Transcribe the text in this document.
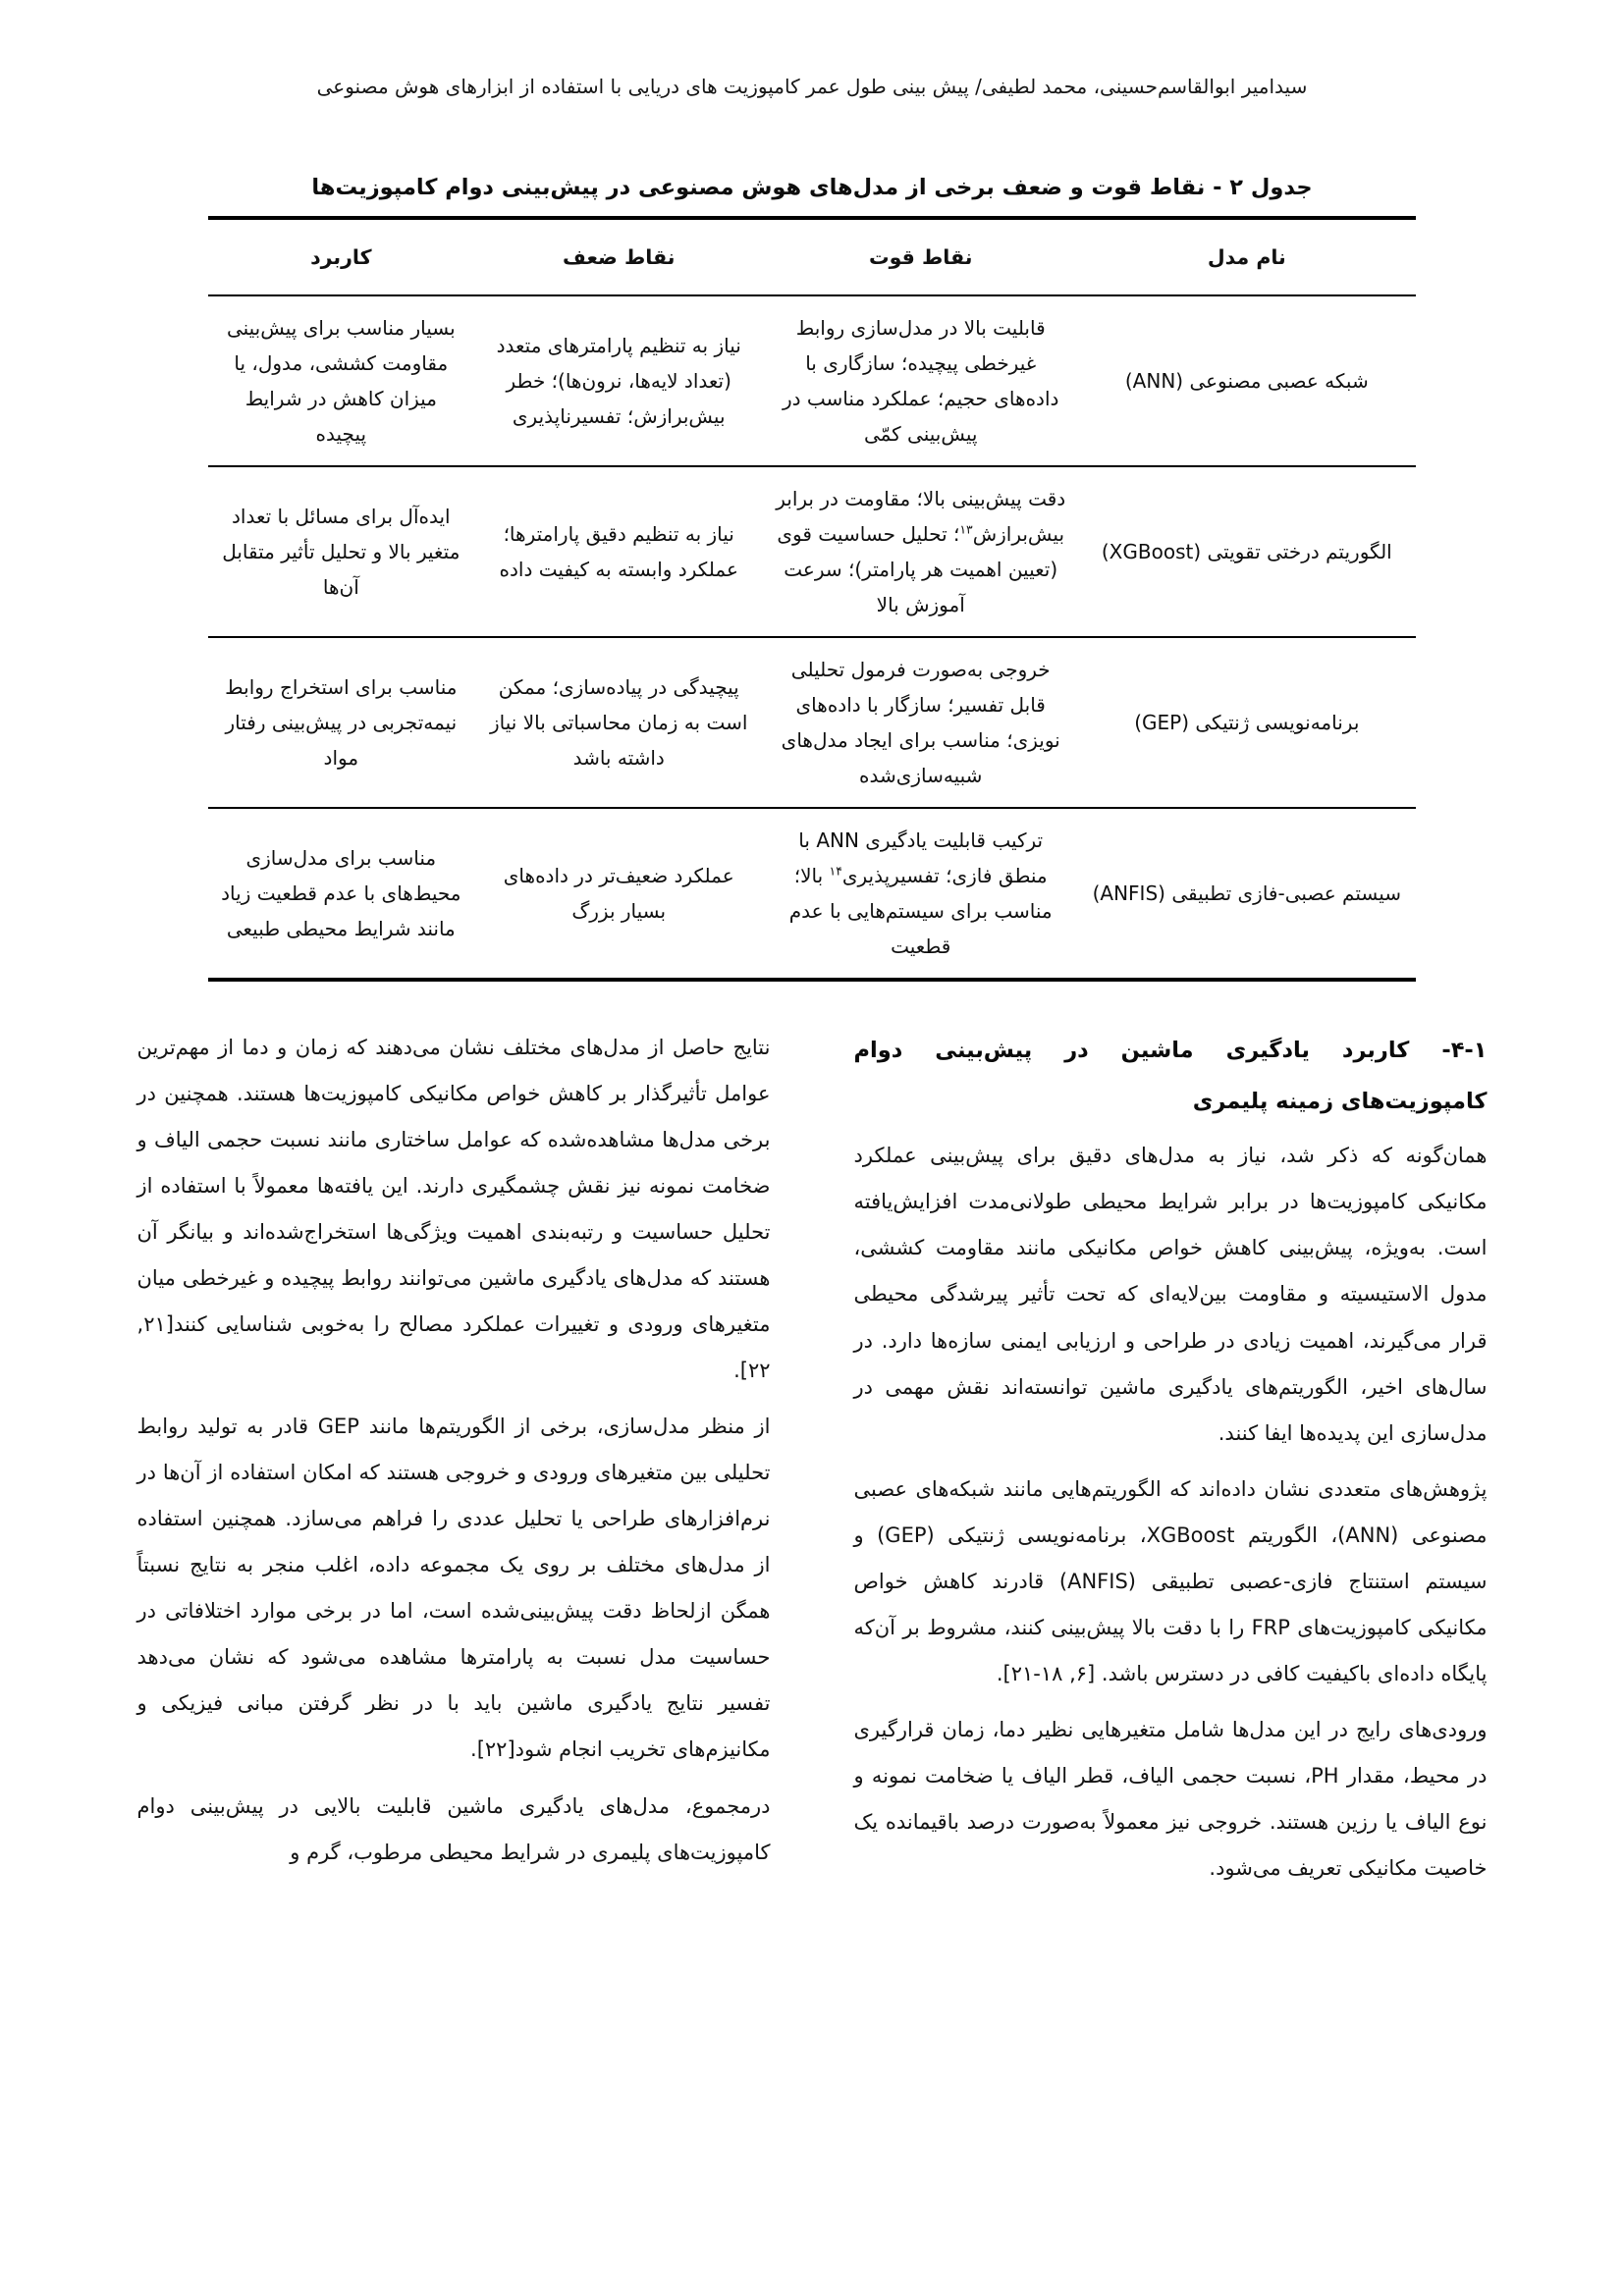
سیدامیر ابوالقاسم‌حسینی، محمد لطیفی/ پیش بینی طول عمر کامپوزیت های دریایی با استفاده از ابزارهای هوش مصنوعی
جدول ۲ - نقاط قوت و ضعف برخی از مدل‌های هوش مصنوعی در پیش‌بینی دوام کامپوزیت‌ها
نام مدل	نقاط قوت	نقاط ضعف	کاربرد
شبکه عصبی مصنوعی (ANN)	قابلیت بالا در مدل‌سازی روابط غیرخطی پیچیده؛ سازگاری با داده‌های حجیم؛ عملکرد مناسب در پیش‌بینی کمّی	نیاز به تنظیم پارامترهای متعدد (تعداد لایه‌ها، نرون‌ها)؛ خطر بیش‌برازش؛ تفسیرناپذیری	بسیار مناسب برای پیش‌بینی مقاومت کششی، مدول، یا میزان کاهش در شرایط پیچیده
الگوریتم درختی تقویتی (XGBoost)	دقت پیش‌بینی بالا؛ مقاومت در برابر بیش‌برازش$^{۱۳}$؛ تحلیل حساسیت قوی (تعیین اهمیت هر پارامتر)؛ سرعت آموزش بالا	نیاز به تنظیم دقیق پارامترها؛ عملکرد وابسته به کیفیت داده	ایده‌آل برای مسائل با تعداد متغیر بالا و تحلیل تأثیر متقابل آن‌ها
برنامه‌نویسی ژنتیکی (GEP)	خروجی به‌صورت فرمول تحلیلی قابل تفسیر؛ سازگار با داده‌های نویزی؛ مناسب برای ایجاد مدل‌های شبیه‌سازی‌شده	پیچیدگی در پیاده‌سازی؛ ممکن است به زمان محاسباتی بالا نیاز داشته باشد	مناسب برای استخراج روابط نیمه‌تجربی در پیش‌بینی رفتار مواد
سیستم عصبی-فازی تطبیقی (ANFIS)	ترکیب قابلیت یادگیری ANN با منطق فازی؛ تفسیرپذیری$^{۱۴}$ بالا؛ مناسب برای سیستم‌هایی با عدم قطعیت	عملکرد ضعیف‌تر در داده‌های بسیار بزرگ	مناسب برای مدل‌سازی محیط‌های با عدم قطعیت زیاد مانند شرایط محیطی طبیعی
۴-۱- کاربرد یادگیری ماشین در پیش‌بینی دوام کامپوزیت‌های زمینه پلیمری
همان‌گونه که ذکر شد، نیاز به مدل‌های دقیق برای پیش‌بینی عملکرد مکانیکی کامپوزیت‌ها در برابر شرایط محیطی طولانی‌مدت افزایش‌یافته است. به‌ویژه، پیش‌بینی کاهش خواص مکانیکی مانند مقاومت کششی، مدول الاستیسیته و مقاومت بین‌لایه‌ای که تحت تأثیر پیرشدگی محیطی قرار می‌گیرند، اهمیت زیادی در طراحی و ارزیابی ایمنی سازه‌ها دارد. در سال‌های اخیر، الگوریتم‌های یادگیری ماشین توانسته‌اند نقش مهمی در مدل‌سازی این پدیده‌ها ایفا کنند.
پژوهش‌های متعددی نشان داده‌اند که الگوریتم‌هایی مانند شبکه‌های عصبی مصنوعی (ANN)، الگوریتم XGBoost، برنامه‌نویسی ژنتیکی (GEP) و سیستم استنتاج فازی-عصبی تطبیقی (ANFIS) قادرند کاهش خواص مکانیکی کامپوزیت‌های FRP را با دقت بالا پیش‌بینی کنند، مشروط بر آن‌که پایگاه داده‌ای باکیفیت کافی در دسترس باشد. [۶, ۱۸-۲۱].
ورودی‌های رایج در این مدل‌ها شامل متغیرهایی نظیر دما، زمان قرارگیری در محیط، مقدار PH، نسبت حجمی الیاف، قطر الیاف یا ضخامت نمونه و نوع الیاف یا رزین هستند. خروجی نیز معمولاً به‌صورت درصد باقیمانده یک خاصیت مکانیکی تعریف می‌شود.
نتایج حاصل از مدل‌های مختلف نشان می‌دهند که زمان و دما از مهم‌ترین عوامل تأثیرگذار بر کاهش خواص مکانیکی کامپوزیت‌ها هستند. همچنین در برخی مدل‌ها مشاهده‌شده که عوامل ساختاری مانند نسبت حجمی الیاف و ضخامت نمونه نیز نقش چشمگیری دارند. این یافته‌ها معمولاً با استفاده از تحلیل حساسیت و رتبه‌بندی اهمیت ویژگی‌ها استخراج‌شده‌اند و بیانگر آن هستند که مدل‌های یادگیری ماشین می‌توانند روابط پیچیده و غیرخطی میان متغیرهای ورودی و تغییرات عملکرد مصالح را به‌خوبی شناسایی کنند[۲۱, ۲۲].
از منظر مدل‌سازی، برخی از الگوریتم‌ها مانند GEP قادر به تولید روابط تحلیلی بین متغیرهای ورودی و خروجی هستند که امکان استفاده از آن‌ها در نرم‌افزارهای طراحی یا تحلیل عددی را فراهم می‌سازد. همچنین استفاده از مدل‌های مختلف بر روی یک مجموعه داده، اغلب منجر به نتایج نسبتاً همگن ازلحاظ دقت پیش‌بینی‌شده است، اما در برخی موارد اختلافاتی در حساسیت مدل نسبت به پارامترها مشاهده می‌شود که نشان می‌دهد تفسیر نتایج یادگیری ماشین باید با در نظر گرفتن مبانی فیزیکی و مکانیزم‌های تخریب انجام شود[۲۲].
درمجموع، مدل‌های یادگیری ماشین قابلیت بالایی در پیش‌بینی دوام کامپوزیت‌های پلیمری در شرایط محیطی مرطوب، گرم و
